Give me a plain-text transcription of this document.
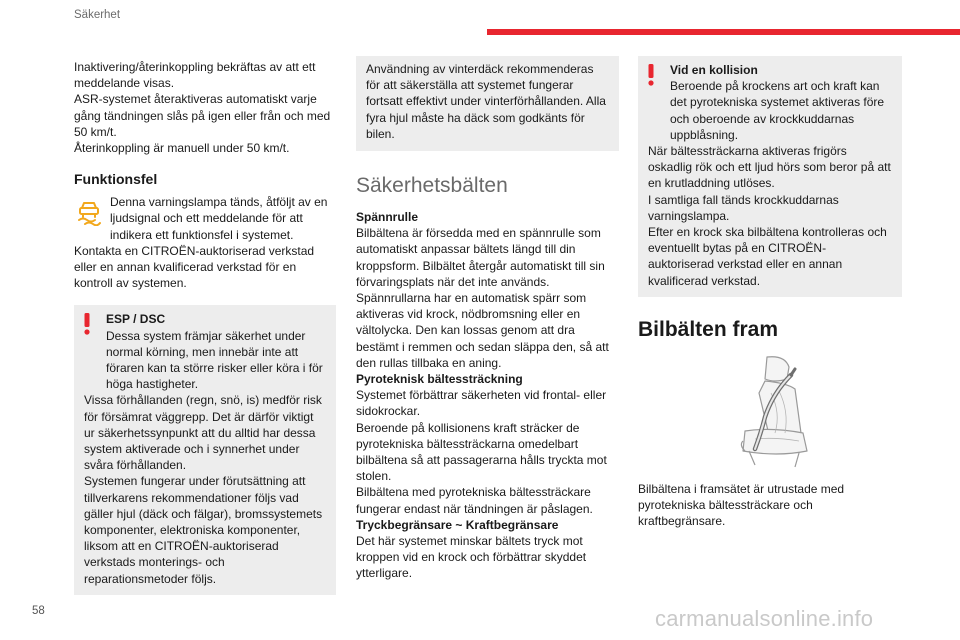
Säkerhet

Inaktivering/återinkoppling bekräftas av att ett meddelande visas.

ASR-systemet återaktiveras automatiskt varje gång tändningen slås på igen eller från och med 50 km/t.

Återinkoppling är manuell under 50 km/t.

Funktionsfel

Denna varningslampa tänds, åtföljt av en ljudsignal och ett meddelande för att indikera ett funktionsfel i systemet.

Kontakta en CITROËN-auktoriserad verkstad eller en annan kvalificerad verkstad för en kontroll av systemen.

ESP / DSC

Dessa system främjar säkerhet under normal körning, men innebär inte att föraren kan ta större risker eller köra i för höga hastigheter.

Vissa förhållanden (regn, snö, is) medför risk för försämrat väggrepp. Det är därför viktigt ur säkerhetssynpunkt att du alltid har dessa system aktiverade och i synnerhet under svåra förhållanden.

Systemen fungerar under förutsättning att tillverkarens rekommendationer följs vad gäller hjul (däck och fälgar), bromssystemets komponenter, elektroniska komponenter, liksom att en CITROËN-auktoriserad verkstads monterings- och reparationsmetoder följs.

Användning av vinterdäck rekommenderas för att säkerställa att systemet fungerar fortsatt effektivt under vinterförhållanden. Alla fyra hjul måste ha däck som godkänts för bilen.

Säkerhetsbälten

Spännrulle

Bilbältena är försedda med en spännrulle som automatiskt anpassar bältets längd till din kroppsform. Bilbältet återgår automatiskt till sin förvaringsplats när det inte används.

Spännrullarna har en automatisk spärr som aktiveras vid krock, nödbromsning eller en vältolycka. Den kan lossas genom att dra bestämt i remmen och sedan släppa den, så att den rullas tillbaka en aning.

Pyroteknisk bältessträckning

Systemet förbättrar säkerheten vid frontal- eller sidokrockar.

Beroende på kollisionens kraft sträcker de pyrotekniska bältessträckarna omedelbart bilbältena så att passagerarna hålls tryckta mot stolen.

Bilbältena med pyrotekniska bältessträckare fungerar endast när tändningen är påslagen.

Tryckbegränsare ~ Kraftbegränsare

Det här systemet minskar bältets tryck mot kroppen vid en krock och förbättrar skyddet ytterligare.

Vid en kollision

Beroende på krockens art och kraft kan det pyrotekniska systemet aktiveras före och oberoende av krockkuddarnas uppblåsning.

När bältessträckarna aktiveras frigörs oskadlig rök och ett ljud hörs som beror på att en krutladdning utlöses.

I samtliga fall tänds krockkuddarnas varningslampa.

Efter en krock ska bilbältena kontrolleras och eventuellt bytas på en CITROËN-auktoriserad verkstad eller en annan kvalificerad verkstad.

Bilbälten fram

Bilbältena i framsätet är utrustade med pyrotekniska bältessträckare och kraftbegränsare.

58	carmanualsonline.info
